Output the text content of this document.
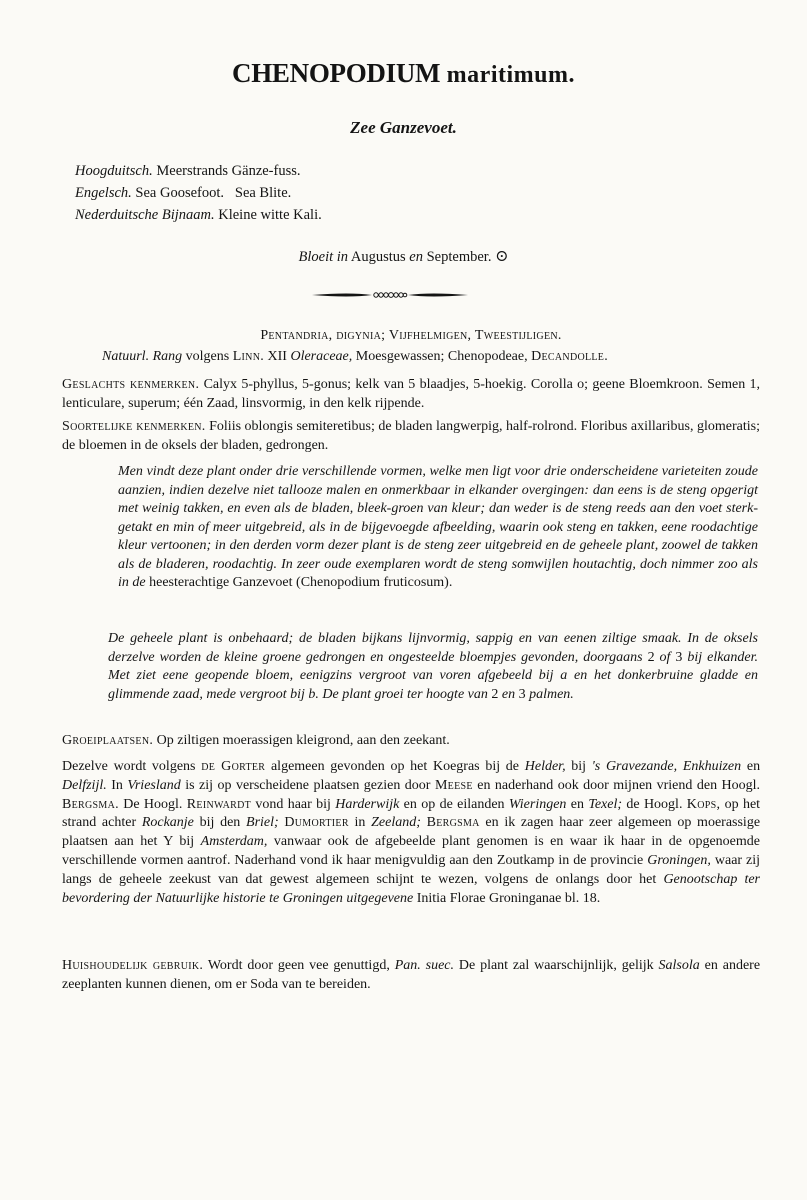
CHENOPODIUM maritimum.
Zee Ganzevoet.
Hoogduitsch. Meerstrands Gänze-fuss.
Engelsch. Sea Goosefoot.   Sea Blite.
Nederduitsche Bijnaam. Kleine witte Kali.
Bloeit in Augustus en September. ⊙
Pentandria, digynia; Vijfhelmigen, Tweestijligen.
Natuurl. Rang volgens Linn. XII Oleraceae, Moesgewassen; Chenopodeae, Decandolle.
Geslachts kenmerken. Calyx 5-phyllus, 5-gonus; kelk van 5 blaadjes, 5-hoekig. Corolla o; geene Bloemkroon. Semen 1, lenticulare, superum; één Zaad, linsvormig, in den kelk rijpende.
Soortelijke kenmerken. Foliis oblongis semiteretibus; de bladen langwerpig, half-rolrond. Floribus axillaribus, glomeratis; de bloemen in de oksels der bladen, gedrongen.
Men vindt deze plant onder drie verschillende vormen, welke men ligt voor drie onderscheidene varieteiten zoude aanzien, indien dezelve niet tallooze malen en onmerkbaar in elkander overgingen: dan eens is de steng opgerigt met weinig takken, en even als de bladen, bleek-groen van kleur; dan weder is de steng reeds aan den voet sterk-getakt en min of meer uitgebreid, als in de bijgevoegde afbeelding, waarin ook steng en takken, eene roodachtige kleur vertoonen; in den derden vorm dezer plant is de steng zeer uitgebreid en de geheele plant, zoowel de takken als de bladeren, roodachtig. In zeer oude exemplaren wordt de steng somwijlen houtachtig, doch nimmer zoo als in de heesterachtige Ganzevoet (Chenopodium fruticosum).
De geheele plant is onbehaard; de bladen bijkans lijnvormig, sappig en van eenen ziltige smaak. In de oksels derzelve worden de kleine groene gedrongen en ongesteelde bloempjes gevonden, doorgaans 2 of 3 bij elkander. Met ziet eene geopende bloem, eenigzins vergroot van voren afgebeeld bij a en het donkerbruine gladde en glimmende zaad, mede vergroot bij b. De plant groei ter hoogte van 2 en 3 palmen.
Groeiplaatsen. Op ziltigen moerassigen kleigrond, aan den zeekant.
Dezelve wordt volgens de Gorter algemeen gevonden op het Koegras bij de Helder, bij 's Gravezande, Enkhuizen en Delfzijl. In Vriesland is zij op verscheidene plaatsen gezien door Meese en naderhand ook door mijnen vriend den Hoogl. Bergsma. De Hoogl. Reinwardt vond haar bij Harderwijk en op de eilanden Wieringen en Texel; de Hoogl. Kops, op het strand achter Rockanje bij den Briel; Dumortier in Zeeland; Bergsma en ik zagen haar zeer algemeen op moerassige plaatsen aan het Y bij Amsterdam, vanwaar ook de afgebeelde plant genomen is en waar ik haar in de opgenoemde verschillende vormen aantrof. Naderhand vond ik haar menigvuldig aan den Zoutkamp in de provincie Groningen, waar zij langs de geheele zeekust van dat gewest algemeen schijnt te wezen, volgens de onlangs door het Genootschap ter bevordering der Natuurlijke historie te Groningen uitgegevene Initia Florae Groninganae bl. 18.
Huishoudelijk gebruik. Wordt door geen vee genuttigd, Pan. suec. De plant zal waarschijnlijk, gelijk Salsola en andere zeeplanten kunnen dienen, om er Soda van te bereiden.
